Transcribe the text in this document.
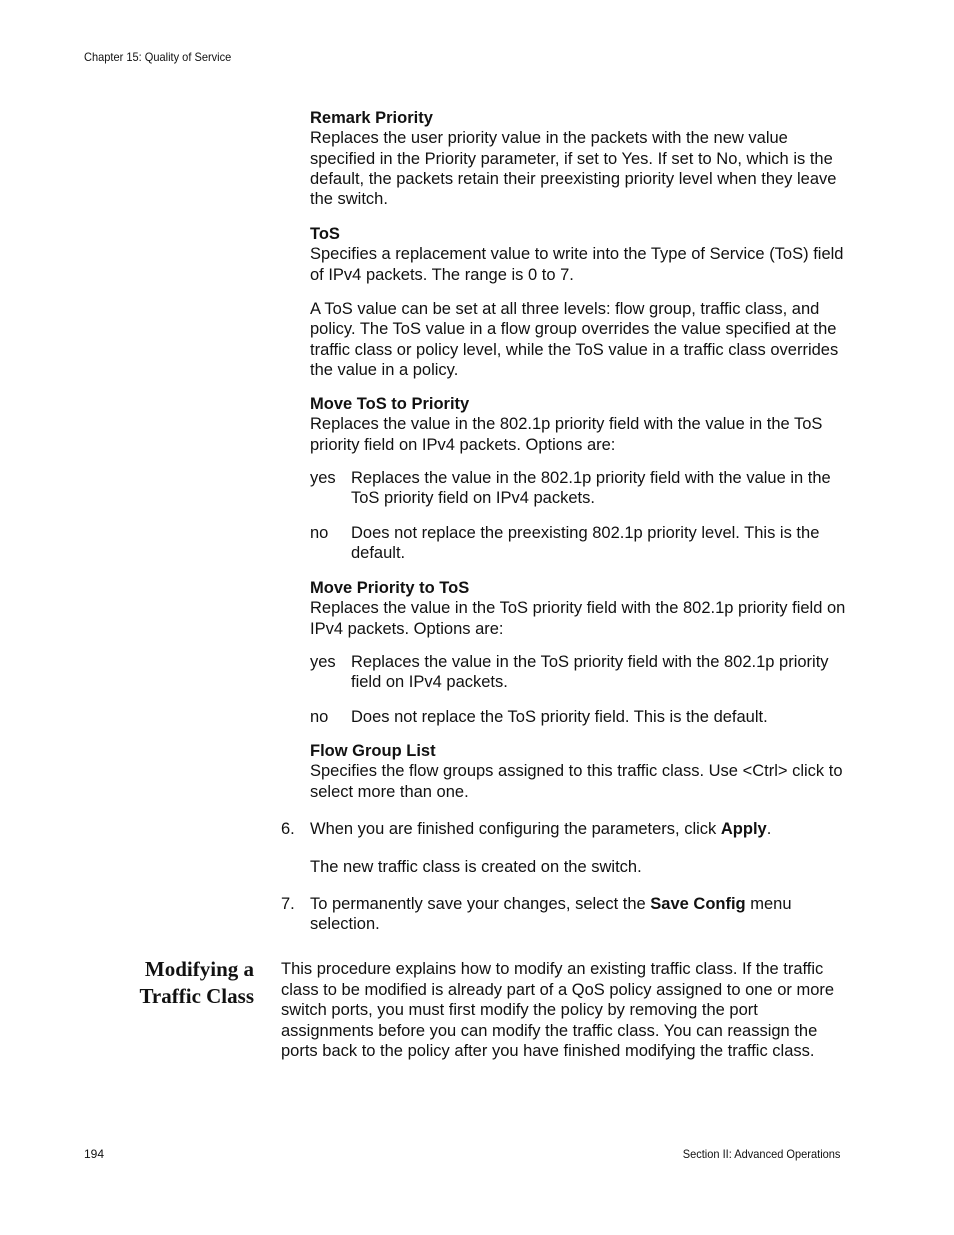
Chapter 15: Quality of Service
Remark Priority

Replaces the user priority value in the packets with the new value specified in the Priority parameter, if set to Yes. If set to No, which is the default, the packets retain their preexisting priority level when they leave the switch.

ToS

Specifies a replacement value to write into the Type of Service (ToS) field of IPv4 packets. The range is 0 to 7.

A ToS value can be set at all three levels: flow group, traffic class, and policy. The ToS value in a flow group overrides the value specified at the traffic class or policy level, while the ToS value in a traffic class overrides the value in a policy.
Move ToS to Priority

Replaces the value in the 802.1p priority field with the value in the ToS priority field on IPv4 packets. Options are:

yes Replaces the value in the 802.1p priority field with the value in the ToS priority field on IPv4 packets.
no Does not replace the preexisting 802.1p priority level. This is the default.
Move Priority to ToS

Replaces the value in the ToS priority field with the 802.1p priority field on IPv4 packets. Options are:

yes Replaces the value in the ToS priority field with the 802.1p priority field on IPv4 packets.
no Does not replace the ToS priority field. This is the default.
Flow Group List

Specifies the flow groups assigned to this traffic class. Use <Ctrl> click to select more than one.

6. When you are finished configuring the parameters, click Apply.
The new traffic class is created on the switch.
7. To permanently save your changes, select the Save Config menu selection.
Modifying a
Traffic Class
This procedure explains how to modify an existing traffic class. If the traffic class to be modified is already part of a QoS policy assigned to one or more switch ports, you must first modify the policy by removing the port assignments before you can modify the traffic class. You can reassign the ports back to the policy after you have finished modifying the traffic class.
194	Section II: Advanced Operations
